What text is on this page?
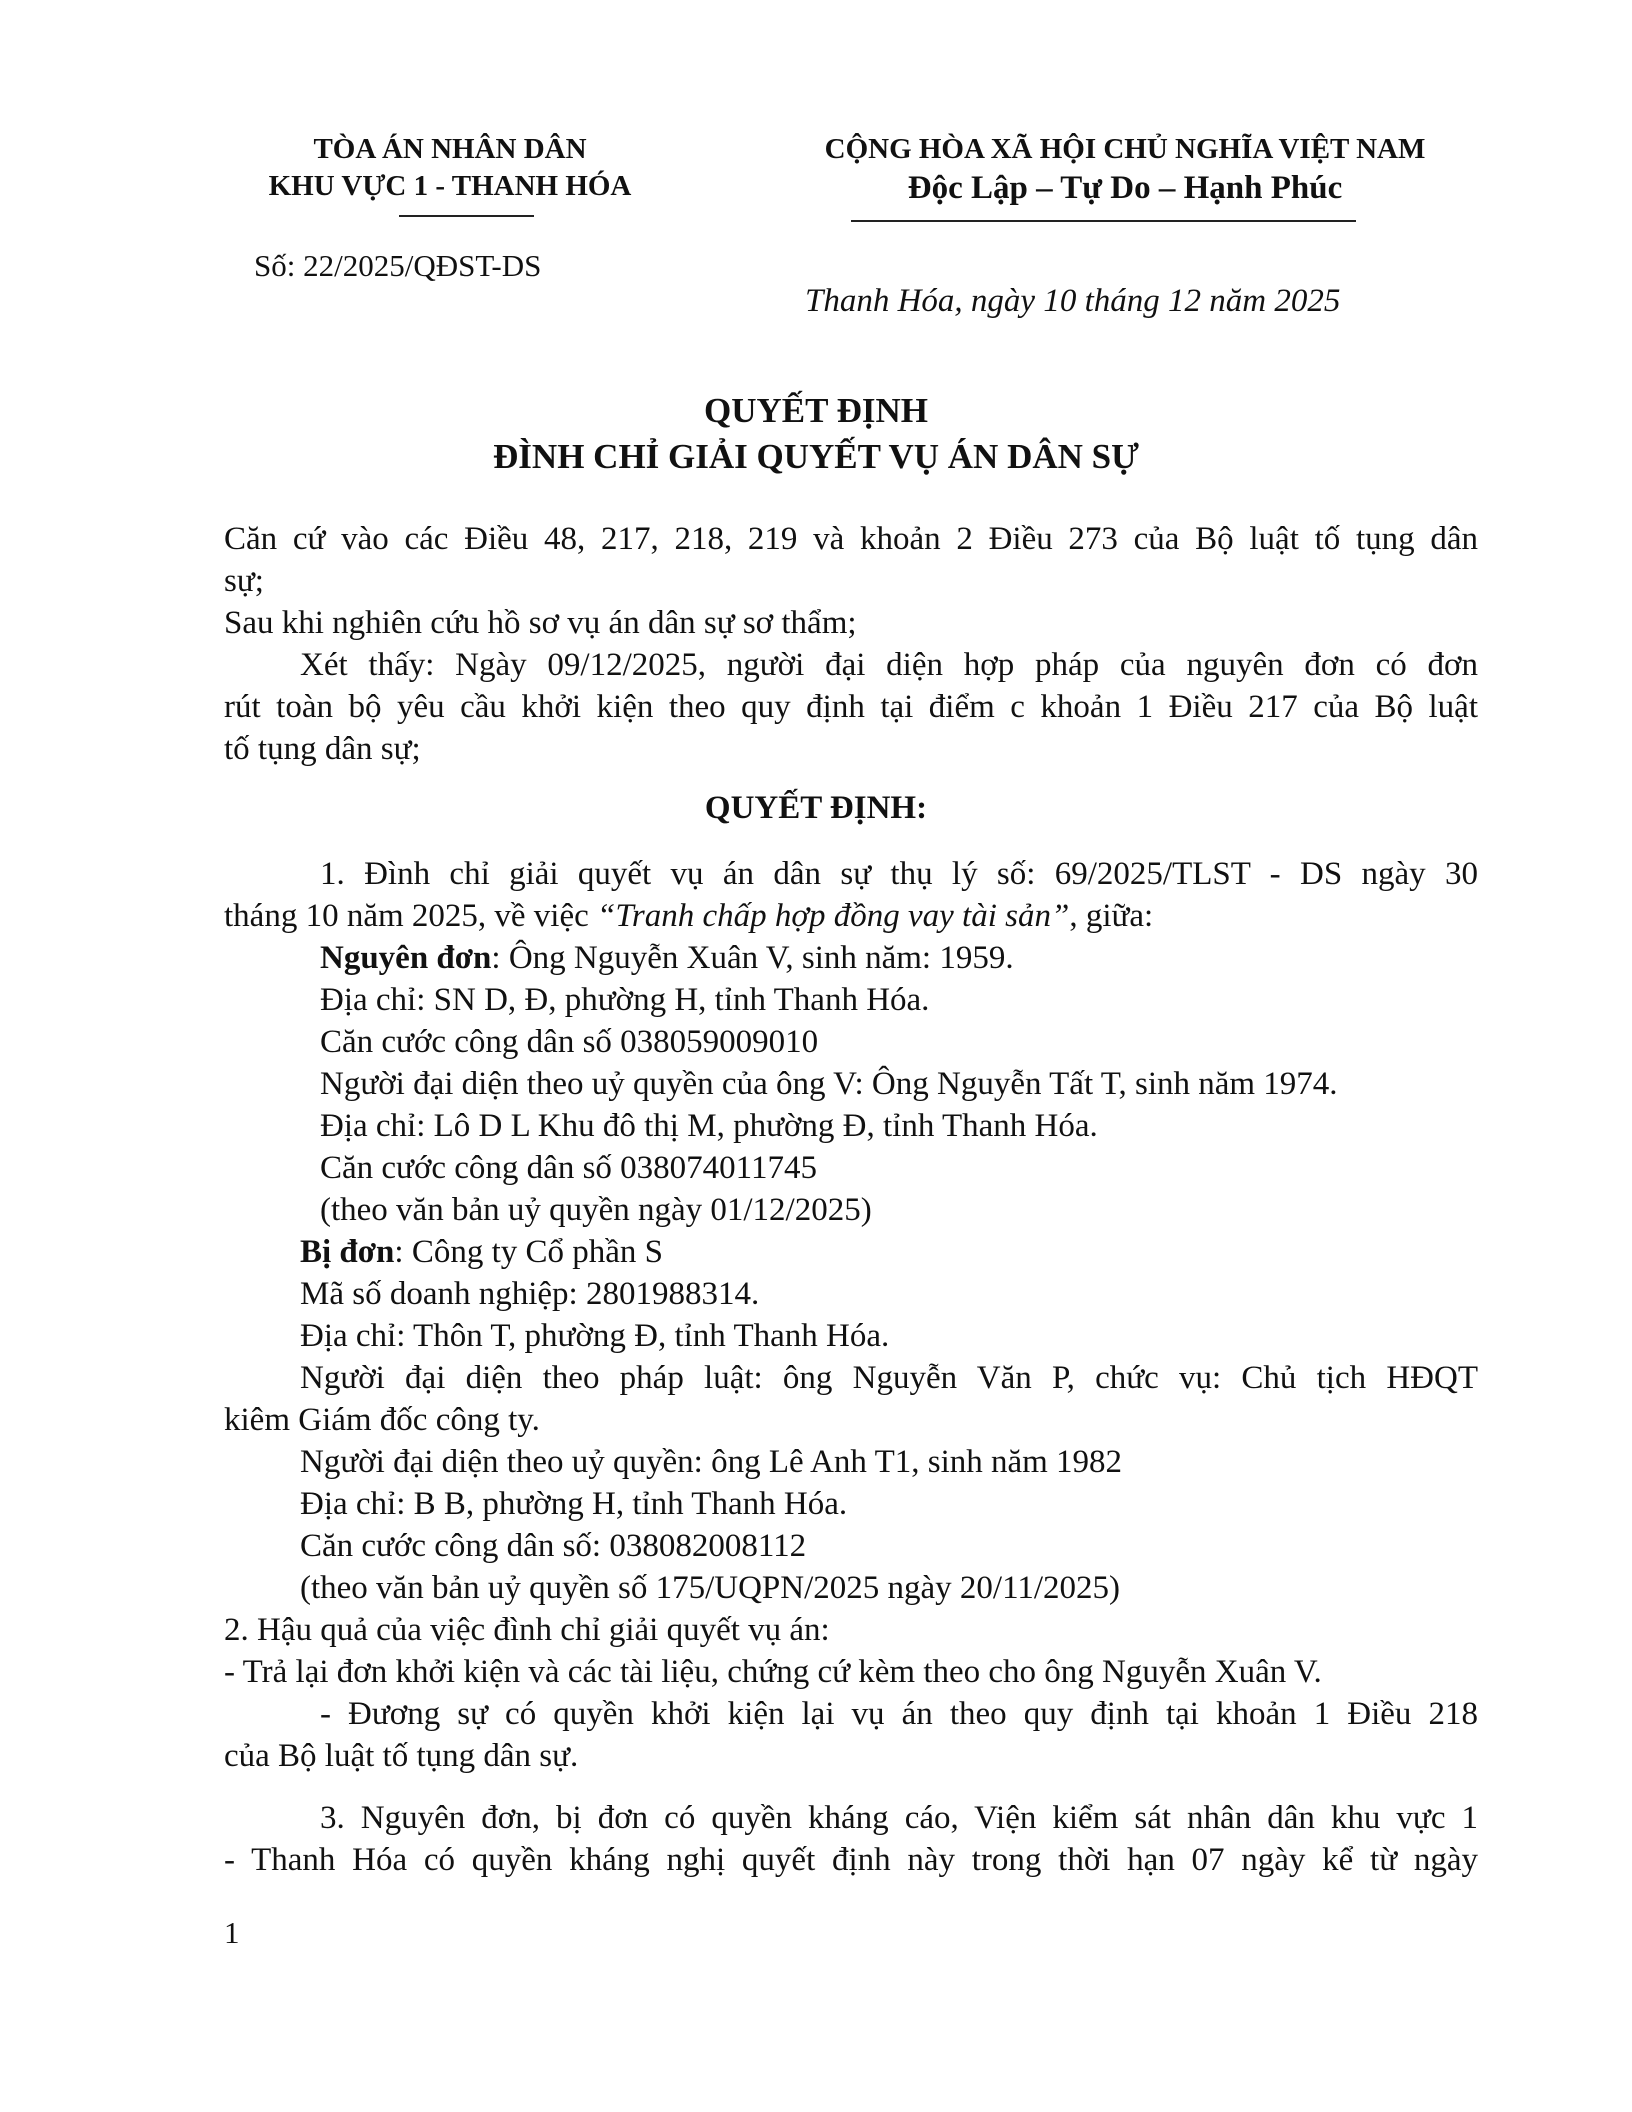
TÒA ÁN NHÂN DÂN
KHU VỰC 1 - THANH HÓA
Số: 22/2025/QĐST-DS
CỘNG HÒA XÃ HỘI CHỦ NGHĨA VIỆT NAM
Độc Lập – Tự Do – Hạnh Phúc
Thanh Hóa, ngày 10 tháng 12 năm 2025
QUYẾT ĐỊNH
ĐÌNH CHỈ GIẢI QUYẾT VỤ ÁN DÂN SỰ
Căn cứ vào các Điều 48, 217, 218, 219 và khoản 2 Điều 273 của Bộ luật tố tụng dân
sự;
Sau khi nghiên cứu hồ sơ vụ án dân sự sơ thẩm;
Xét thấy: Ngày 09/12/2025, người đại diện hợp pháp của nguyên đơn có đơn
rút toàn bộ yêu cầu khởi kiện theo quy định tại điểm c khoản 1 Điều 217 của Bộ luật
tố tụng dân sự;
QUYẾT ĐỊNH:
1. Đình chỉ giải quyết vụ án dân sự thụ lý số: 69/2025/TLST - DS ngày 30
tháng 10 năm 2025, về việc “Tranh chấp hợp đồng vay tài sản”, giữa:
Nguyên đơn: Ông Nguyễn Xuân V, sinh năm: 1959.
Địa chỉ: SN D, Đ, phường H, tỉnh Thanh Hóa.
Căn cước công dân số 038059009010
Người đại diện theo uỷ quyền của ông V: Ông Nguyễn Tất T, sinh năm 1974.
Địa chỉ: Lô D L Khu đô thị M, phường Đ, tỉnh Thanh Hóa.
Căn cước công dân số 038074011745
(theo văn bản uỷ quyền ngày 01/12/2025)
Bị đơn: Công ty Cổ phần S
Mã số doanh nghiệp: 2801988314.
Địa chỉ: Thôn T, phường Đ, tỉnh Thanh Hóa.
Người đại diện theo pháp luật: ông Nguyễn Văn P, chức vụ: Chủ tịch HĐQT
kiêm Giám đốc công ty.
Người đại diện theo uỷ quyền: ông Lê Anh T1, sinh năm 1982
Địa chỉ: B B, phường H, tỉnh Thanh Hóa.
Căn cước công dân số: 038082008112
(theo văn bản uỷ quyền số 175/UQPN/2025 ngày 20/11/2025)
2. Hậu quả của việc đình chỉ giải quyết vụ án:
- Trả lại đơn khởi kiện và các tài liệu, chứng cứ kèm theo cho ông Nguyễn Xuân V.
- Đương sự có quyền khởi kiện lại vụ án theo quy định tại khoản 1 Điều 218
của Bộ luật tố tụng dân sự.
3. Nguyên đơn, bị đơn có quyền kháng cáo, Viện kiểm sát nhân dân khu vực 1
- Thanh Hóa có quyền kháng nghị quyết định này trong thời hạn 07 ngày kể từ ngày
1
